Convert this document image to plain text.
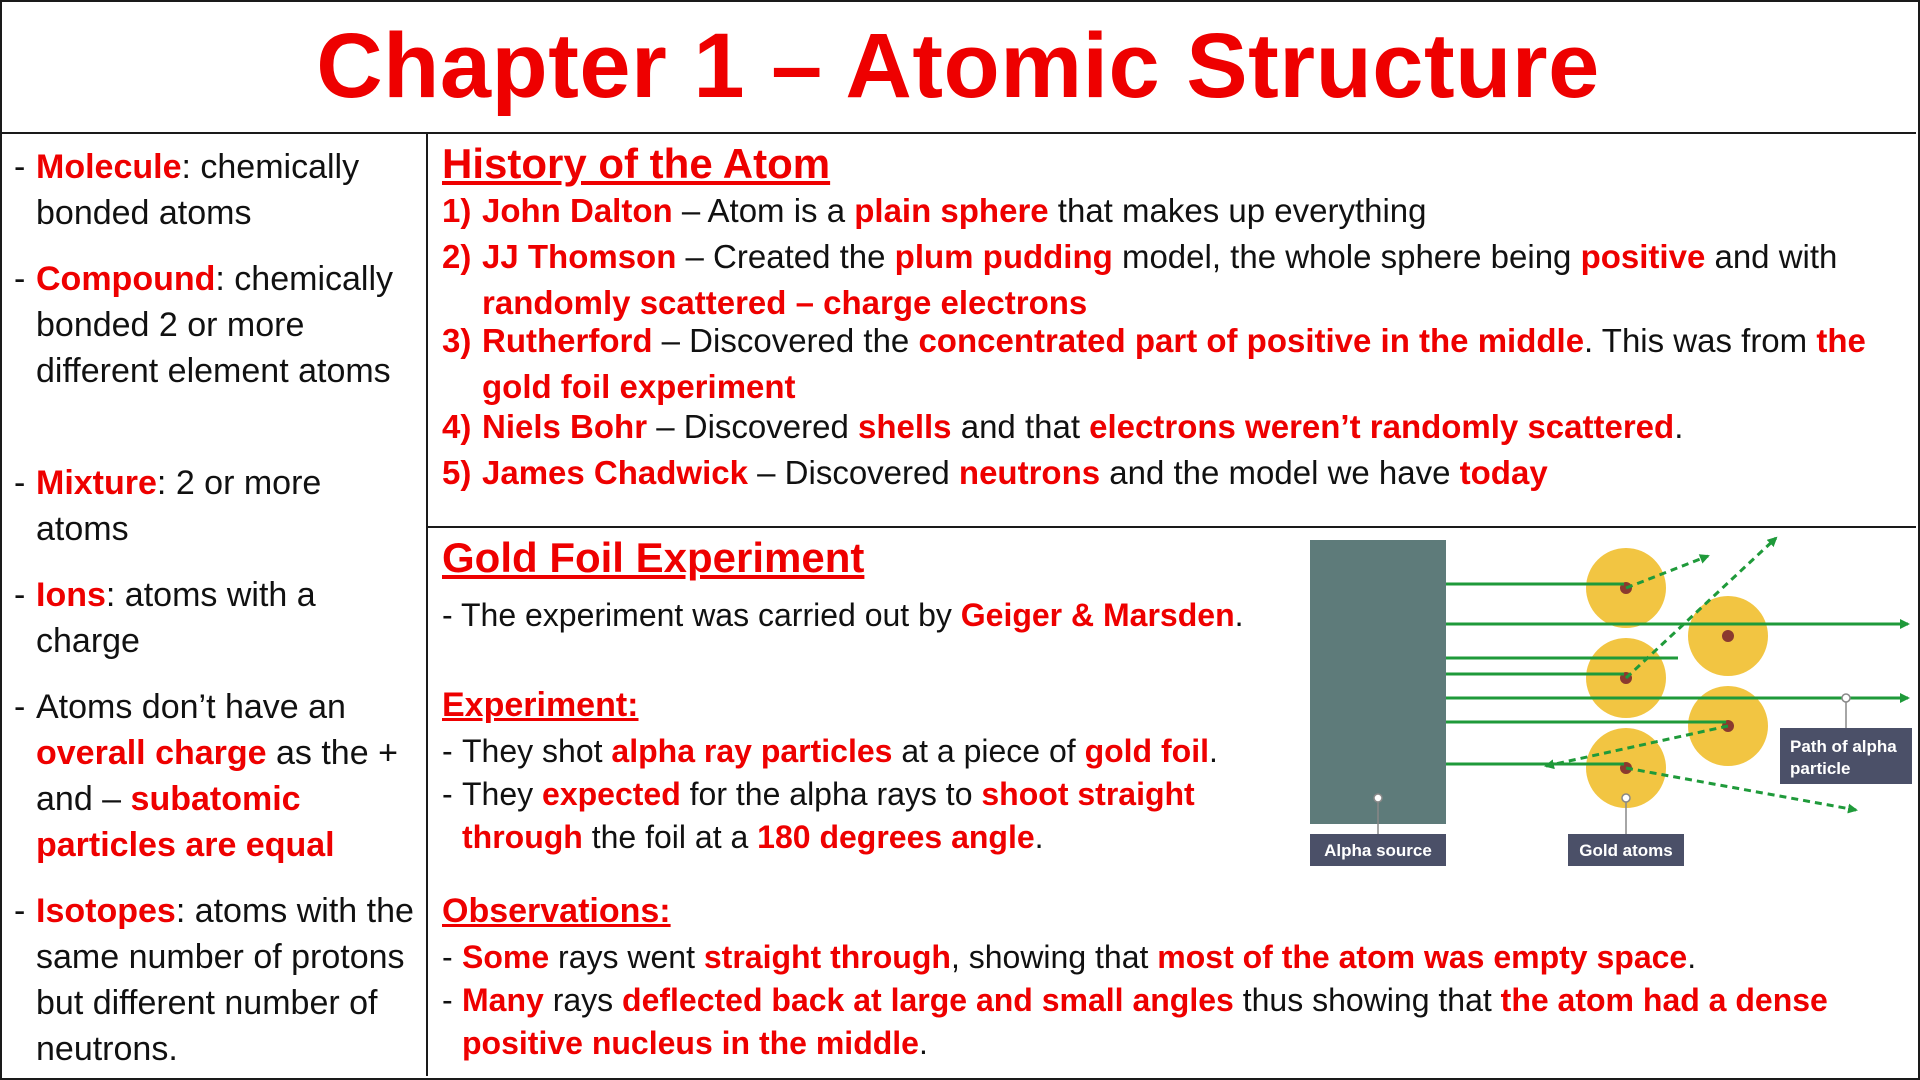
Chapter 1 – Atomic Structure
- Molecule: chemically bonded atoms
- Compound: chemically bonded 2 or more different element atoms
- Mixture: 2 or more atoms
- Ions: atoms with a charge
- Atoms don’t have an overall charge as the + and – subatomic particles are equal
- Isotopes: atoms with the same number of protons but different number of neutrons.
History of the Atom
1) John Dalton – Atom is a plain sphere that makes up everything
2) JJ Thomson – Created the plum pudding model, the whole sphere being positive and with randomly scattered – charge electrons
3) Rutherford – Discovered the concentrated part of positive in the middle. This was from the gold foil experiment
4) Niels Bohr – Discovered shells and that electrons weren’t randomly scattered.
5) James Chadwick – Discovered neutrons and the model we have today
Gold Foil Experiment
- The experiment was carried out by Geiger & Marsden.
Experiment:
- They shot alpha ray particles at a piece of gold foil.
- They expected for the alpha rays to shoot straight through the foil at a 180 degrees angle.
Observations:
- Some rays went straight through, showing that most of the atom was empty space.
- Many rays deflected back at large and small angles thus showing that the atom had a dense positive nucleus in the middle.
Alpha source	Gold atoms
Path of alpha
particle
